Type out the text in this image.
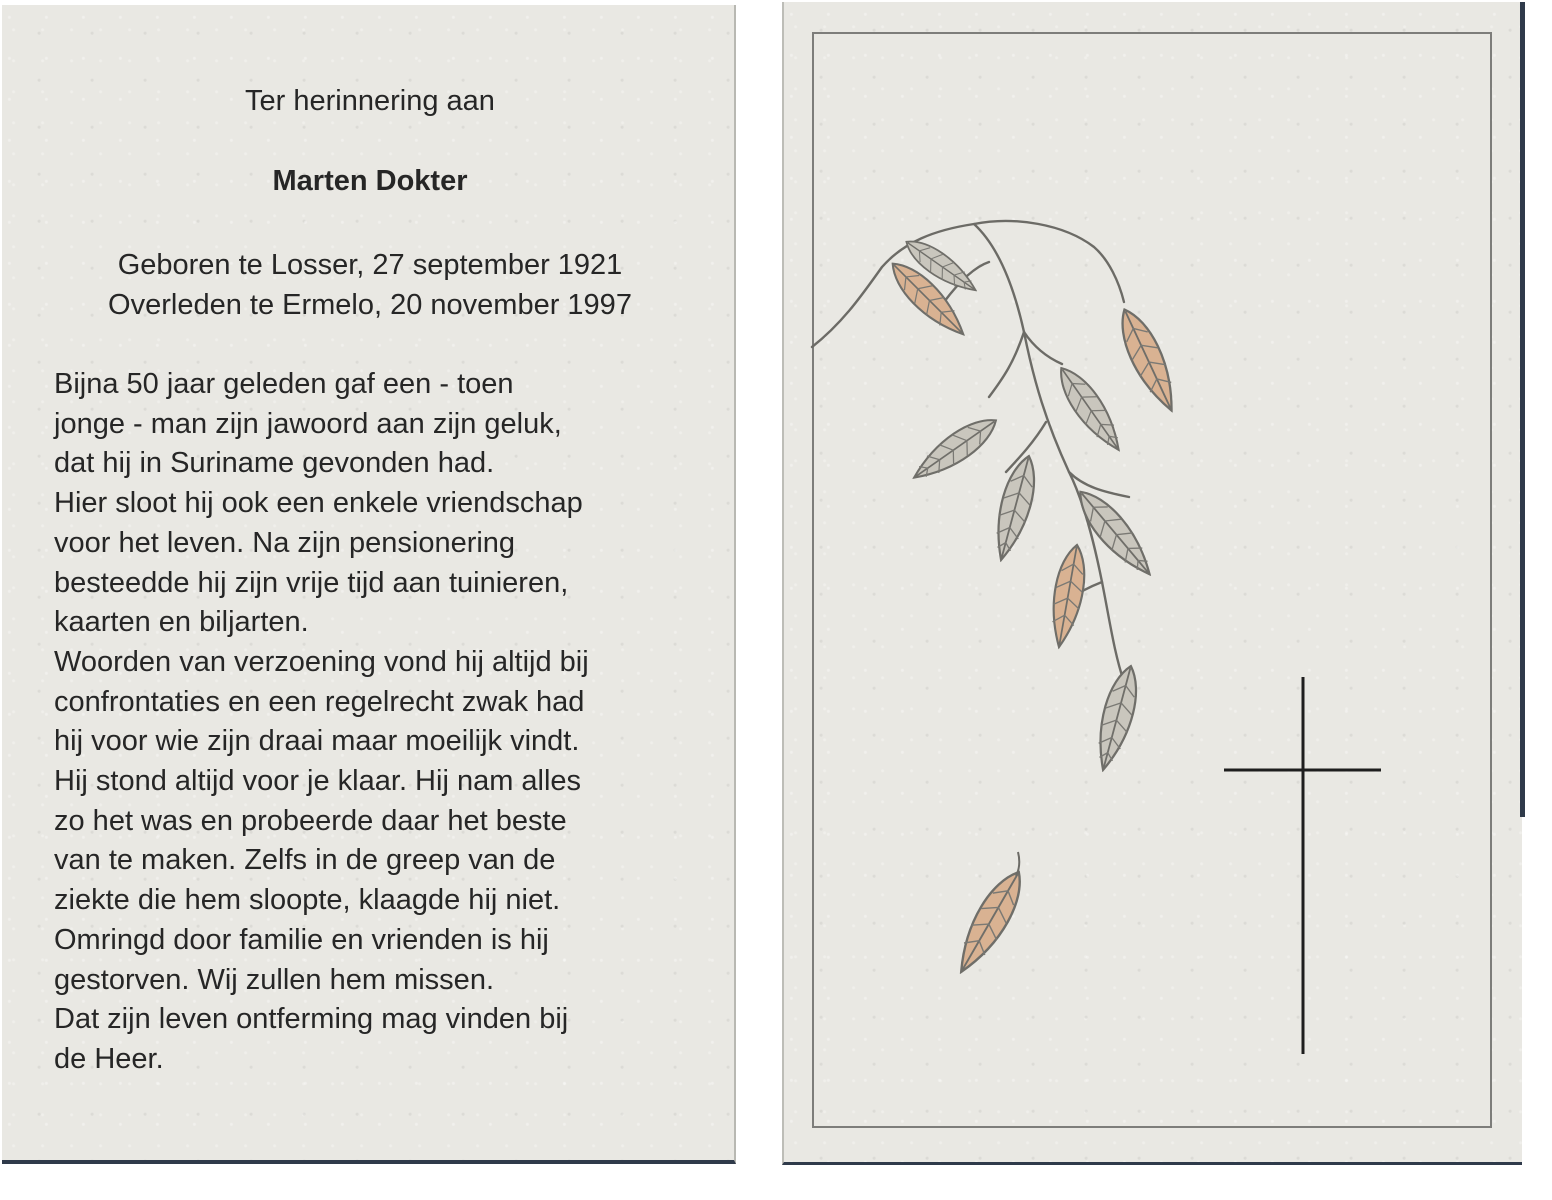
Ter herinnering aan
Marten Dokter
Geboren te Losser, 27 september 1921
Overleden te Ermelo, 20 november 1997
Bijna 50 jaar geleden gaf een - toen
jonge - man zijn jawoord aan zijn geluk,
dat hij in Suriname gevonden had.
Hier sloot hij ook een enkele vriendschap
voor het leven. Na zijn pensionering
besteedde hij zijn vrije tijd aan tuinieren,
kaarten en biljarten.
Woorden van verzoening vond hij altijd bij
confrontaties en een regelrecht zwak had
hij voor wie zijn draai maar moeilijk vindt.
Hij stond altijd voor je klaar. Hij nam alles
zo het was en probeerde daar het beste
van te maken. Zelfs in de greep van de
ziekte die hem sloopte, klaagde hij niet.
Omringd door familie en vrienden is hij
gestorven. Wij zullen hem missen.
Dat zijn leven ontferming mag vinden bij
de Heer.
